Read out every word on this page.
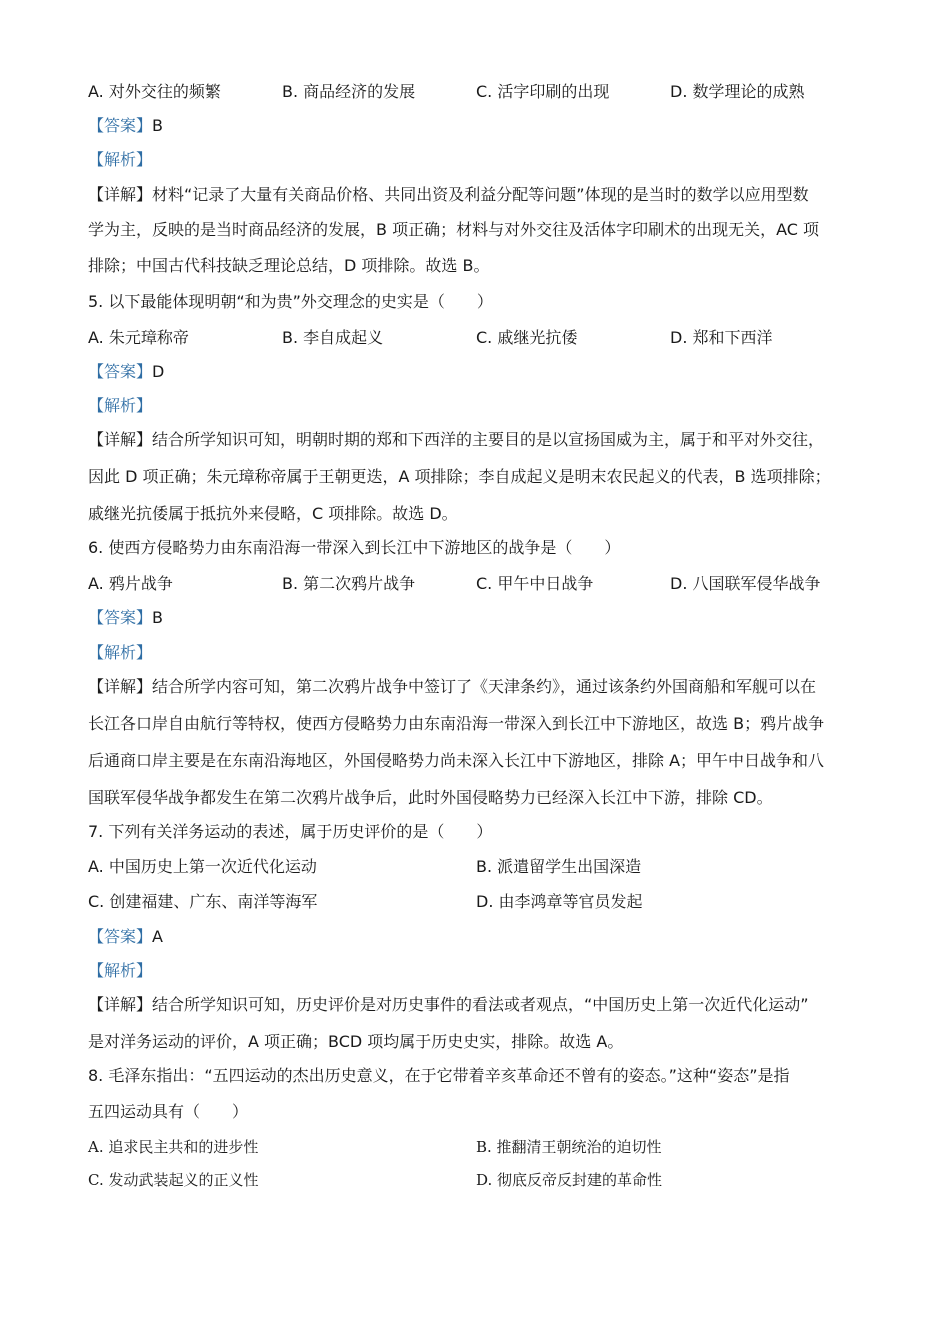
A. 对外交往的频繁	B. 商品经济的发展	C. 活字印刷的出现	D. 数学理论的成熟
【答案】B
【解析】
【详解】材料“记录了大量有关商品价格、共同出资及利益分配等问题”体现的是当时的数学以应用型数
学为主，反映的是当时商品经济的发展，B 项正确；材料与对外交往及活体字印刷术的出现无关，AC 项
排除；中国古代科技缺乏理论总结，D 项排除。故选 B。
5. 以下最能体现明朝“和为贵”外交理念的史实是（　　）
A. 朱元璋称帝	B. 李自成起义	C. 戚继光抗倭	D. 郑和下西洋
【答案】D
【解析】
【详解】结合所学知识可知，明朝时期的郑和下西洋的主要目的是以宣扬国威为主，属于和平对外交往，
因此 D 项正确；朱元璋称帝属于王朝更迭，A 项排除；李自成起义是明末农民起义的代表，B 选项排除；
戚继光抗倭属于抵抗外来侵略，C 项排除。故选 D。
6. 使西方侵略势力由东南沿海一带深入到长江中下游地区的战争是（　　）
A. 鸦片战争	B. 第二次鸦片战争	C. 甲午中日战争	D. 八国联军侵华战争
【答案】B
【解析】
【详解】结合所学内容可知，第二次鸦片战争中签订了《天津条约》，通过该条约外国商船和军舰可以在
长江各口岸自由航行等特权，使西方侵略势力由东南沿海一带深入到长江中下游地区，故选 B；鸦片战争
后通商口岸主要是在东南沿海地区，外国侵略势力尚未深入长江中下游地区，排除 A；甲午中日战争和八
国联军侵华战争都发生在第二次鸦片战争后，此时外国侵略势力已经深入长江中下游，排除 CD。
7. 下列有关洋务运动的表述，属于历史评价的是（　　）
A. 中国历史上第一次近代化运动	B. 派遣留学生出国深造
C. 创建福建、广东、南洋等海军	D. 由李鸿章等官员发起
【答案】A
【解析】
【详解】结合所学知识可知，历史评价是对历史事件的看法或者观点，“中国历史上第一次近代化运动”
是对洋务运动的评价，A 项正确；BCD 项均属于历史史实，排除。故选 A。
8. 毛泽东指出：“五四运动的杰出历史意义，在于它带着辛亥革命还不曾有的姿态。”这种“姿态”是指
五四运动具有（　　）
A. 追求民主共和的进步性	B. 推翻清王朝统治的迫切性
C. 发动武装起义的正义性	D. 彻底反帝反封建的革命性
